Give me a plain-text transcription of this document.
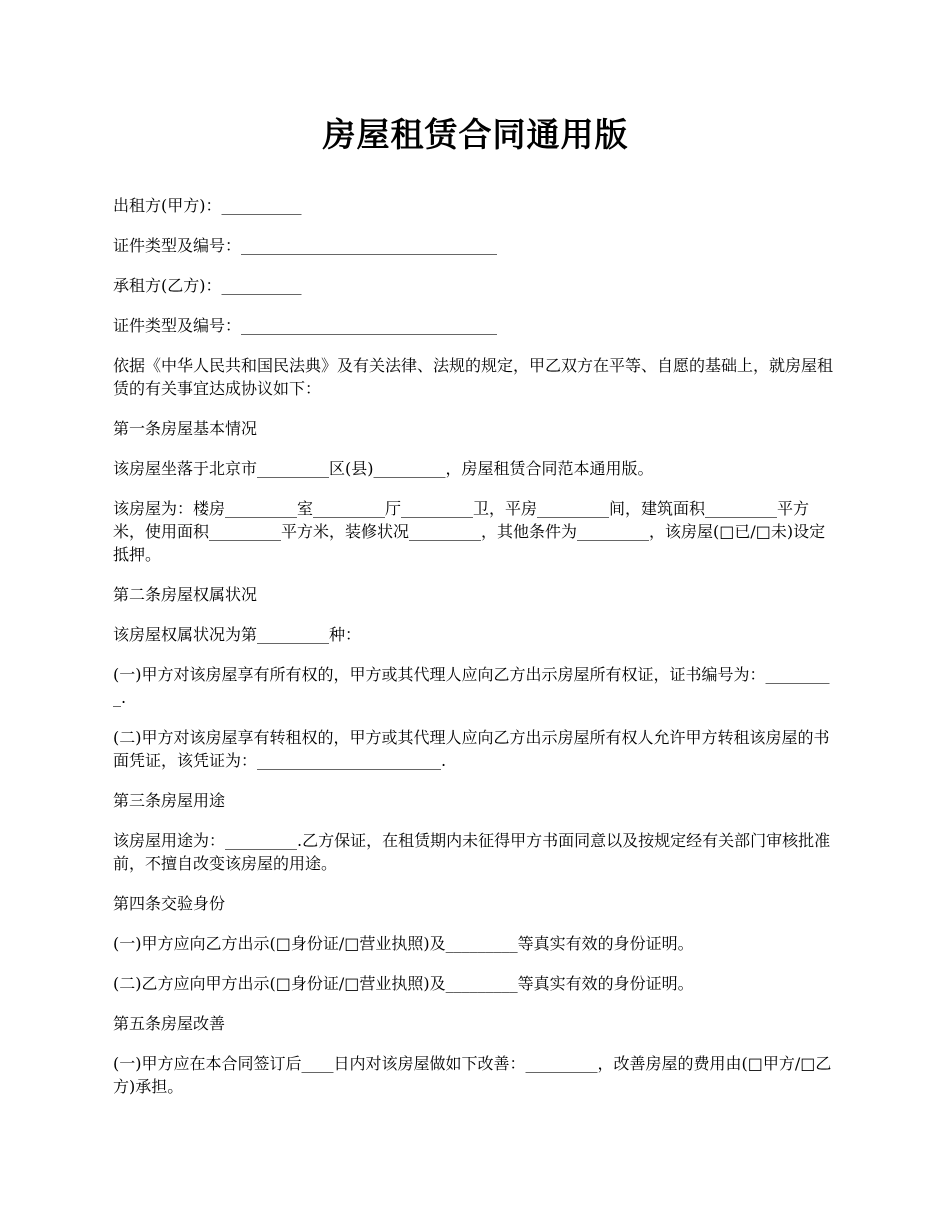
房屋租赁合同通用版

出租方(甲方)：__________

证件类型及编号：________________________________

承租方(乙方)：__________

证件类型及编号：________________________________

依据《中华人民共和国民法典》及有关法律、法规的规定，甲乙双方在平等、自愿的基础上，就房屋租赁的有关事宜达成协议如下：

第一条房屋基本情况

该房屋坐落于北京市_________区(县)_________，房屋租赁合同范本通用版。

该房屋为：楼房_________室_________厅_________卫，平房_________间，建筑面积_________平方米，使用面积_________平方米，装修状况_________，其他条件为_________，该房屋(□已/□未)设定抵押。

第二条房屋权属状况

该房屋权属状况为第_________种：

(一)甲方对该房屋享有所有权的，甲方或其代理人应向乙方出示房屋所有权证，证书编号为：_________.

(二)甲方对该房屋享有转租权的，甲方或其代理人应向乙方出示房屋所有权人允许甲方转租该房屋的书面凭证，该凭证为：_______________________.

第三条房屋用途

该房屋用途为：_________.乙方保证，在租赁期内未征得甲方书面同意以及按规定经有关部门审核批准前，不擅自改变该房屋的用途。

第四条交验身份

(一)甲方应向乙方出示(□身份证/□营业执照)及_________等真实有效的身份证明。

(二)乙方应向甲方出示(□身份证/□营业执照)及_________等真实有效的身份证明。

第五条房屋改善

(一)甲方应在本合同签订后____日内对该房屋做如下改善：_________，改善房屋的费用由(□甲方/□乙方)承担。
